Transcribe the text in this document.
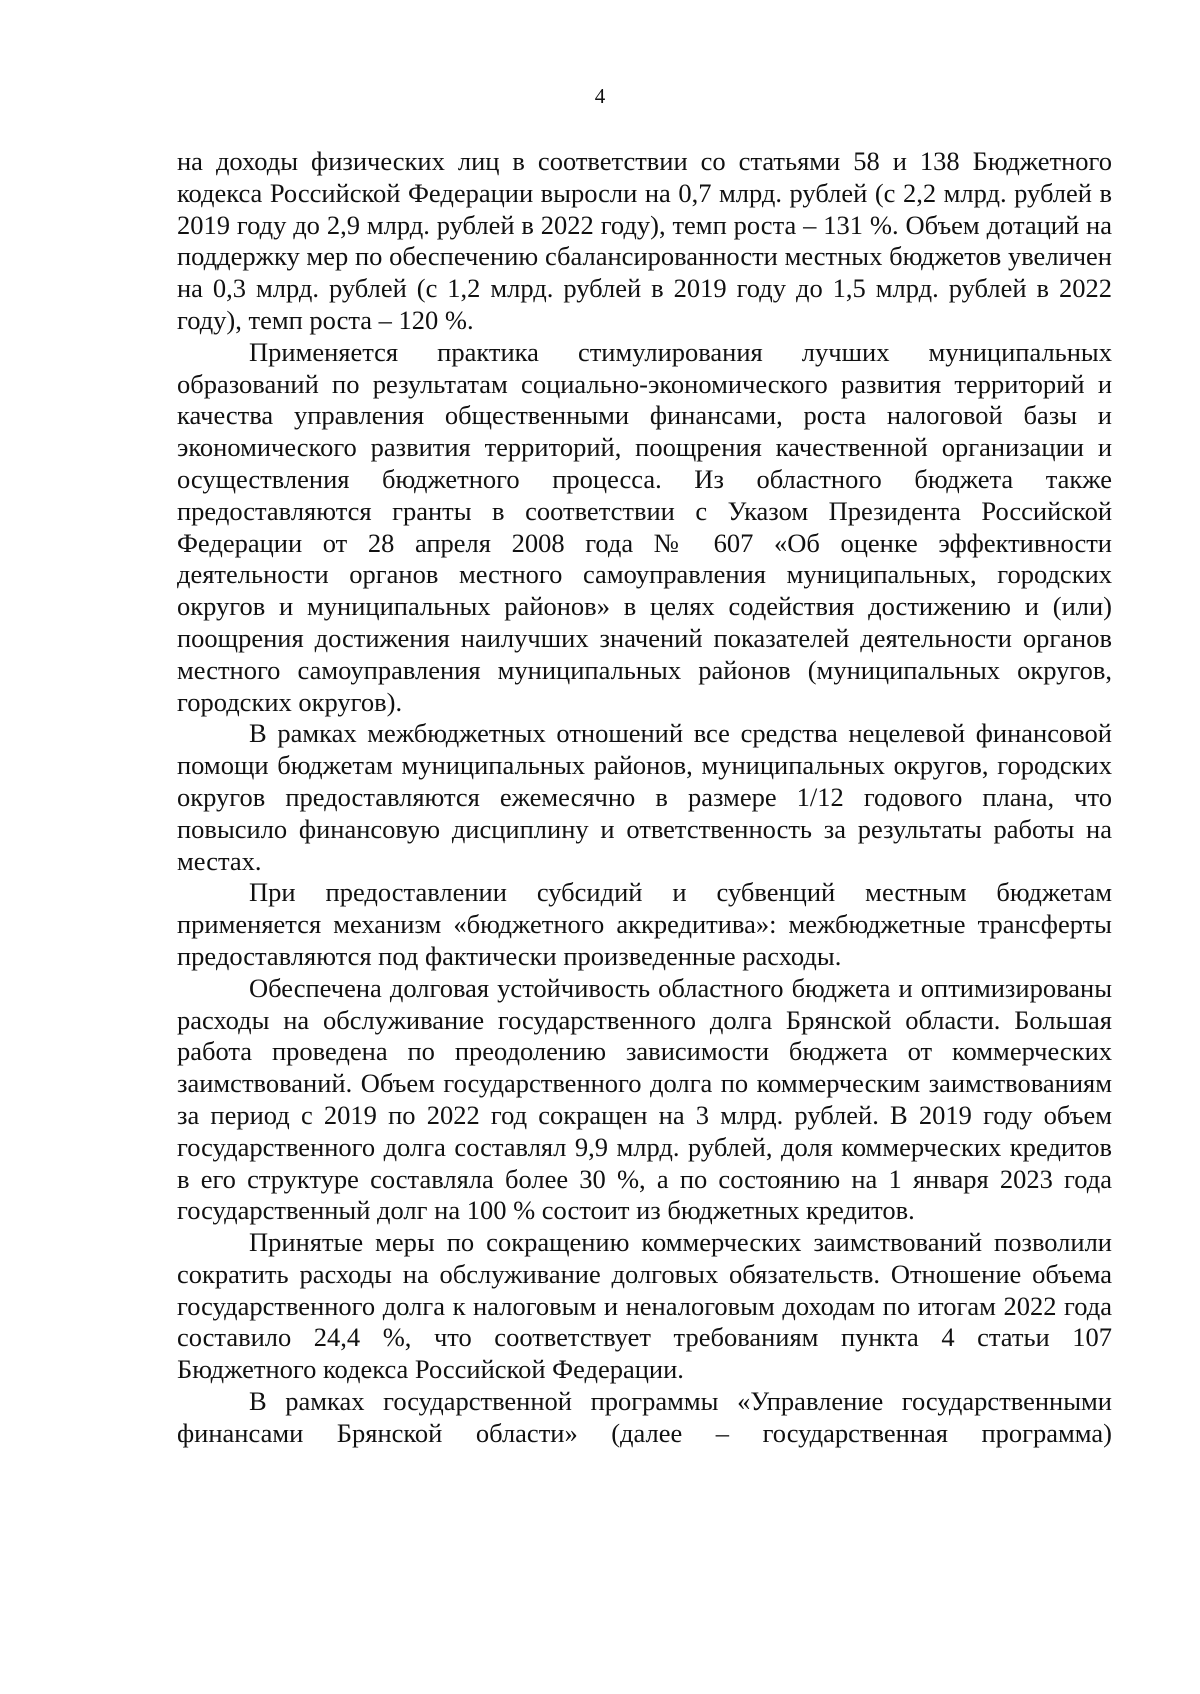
4

на доходы физических лиц в соответствии со статьями 58 и 138 Бюджетного кодекса Российской Федерации выросли на 0,7 млрд. рублей (с 2,2 млрд. рублей в 2019 году до 2,9 млрд. рублей в 2022 году), темп роста – 131 %. Объем дотаций на поддержку мер по обеспечению сбалансированности местных бюджетов увеличен на 0,3 млрд. рублей (с 1,2 млрд. рублей в 2019 году до 1,5 млрд. рублей в 2022 году), темп роста – 120 %.

Применяется практика стимулирования лучших муниципальных образований по результатам социально-экономического развития территорий и качества управления общественными финансами, роста налоговой базы и экономического развития территорий, поощрения качественной организации и осуществления бюджетного процесса. Из областного бюджета также предоставляются гранты в соответствии с Указом Президента Российской Федерации от 28 апреля 2008 года № 607 «Об оценке эффективности деятельности органов местного самоуправления муниципальных, городских округов и муниципальных районов» в целях содействия достижению и (или) поощрения достижения наилучших значений показателей деятельности органов местного самоуправления муниципальных районов (муниципальных округов, городских округов).

В рамках межбюджетных отношений все средства нецелевой финансовой помощи бюджетам муниципальных районов, муниципальных округов, городских округов предоставляются ежемесячно в размере 1/12 годового плана, что повысило финансовую дисциплину и ответственность за результаты работы на местах.

При предоставлении субсидий и субвенций местным бюджетам применяется механизм «бюджетного аккредитива»: межбюджетные трансферты предоставляются под фактически произведенные расходы.

Обеспечена долговая устойчивость областного бюджета и оптимизированы расходы на обслуживание государственного долга Брянской области. Большая работа проведена по преодолению зависимости бюджета от коммерческих заимствований. Объем государственного долга по коммерческим заимствованиям за период с 2019 по 2022 год сокращен на 3 млрд. рублей. В 2019 году объем государственного долга составлял 9,9 млрд. рублей, доля коммерческих кредитов в его структуре составляла более 30 %, а по состоянию на 1 января 2023 года государственный долг на 100 % состоит из бюджетных кредитов.

Принятые меры по сокращению коммерческих заимствований позволили сократить расходы на обслуживание долговых обязательств. Отношение объема государственного долга к налоговым и неналоговым доходам по итогам 2022 года составило 24,4 %, что соответствует требованиям пункта 4 статьи 107 Бюджетного кодекса Российской Федерации.

В рамках государственной программы «Управление государственными финансами Брянской области» (далее – государственная программа)
